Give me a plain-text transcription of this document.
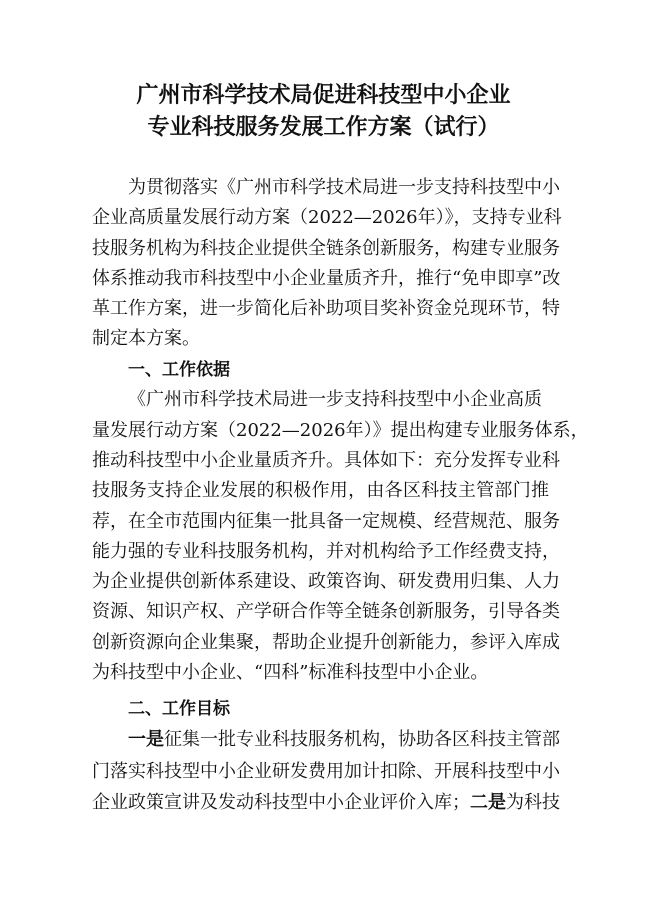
广州市科学技术局促进科技型中小企业
专业科技服务发展工作方案（试行）
为贯彻落实《广州市科学技术局进一步支持科技型中小
企业高质量发展行动方案（2022—2026年）》，支持专业科
技服务机构为科技企业提供全链条创新服务，构建专业服务
体系推动我市科技型中小企业量质齐升，推行“免申即享”改
革工作方案，进一步简化后补助项目奖补资金兑现环节，特
制定本方案。
一、工作依据
《广州市科学技术局进一步支持科技型中小企业高质
量发展行动方案（2022—2026年）》提出构建专业服务体系，
推动科技型中小企业量质齐升。具体如下：充分发挥专业科
技服务支持企业发展的积极作用，由各区科技主管部门推
荐，在全市范围内征集一批具备一定规模、经营规范、服务
能力强的专业科技服务机构，并对机构给予工作经费支持，
为企业提供创新体系建设、政策咨询、研发费用归集、人力
资源、知识产权、产学研合作等全链条创新服务，引导各类
创新资源向企业集聚，帮助企业提升创新能力，参评入库成
为科技型中小企业、“四科”标准科技型中小企业。
二、工作目标
一是征集一批专业科技服务机构，协助各区科技主管部
门落实科技型中小企业研发费用加计扣除、开展科技型中小
企业政策宣讲及发动科技型中小企业评价入库；二是为科技
